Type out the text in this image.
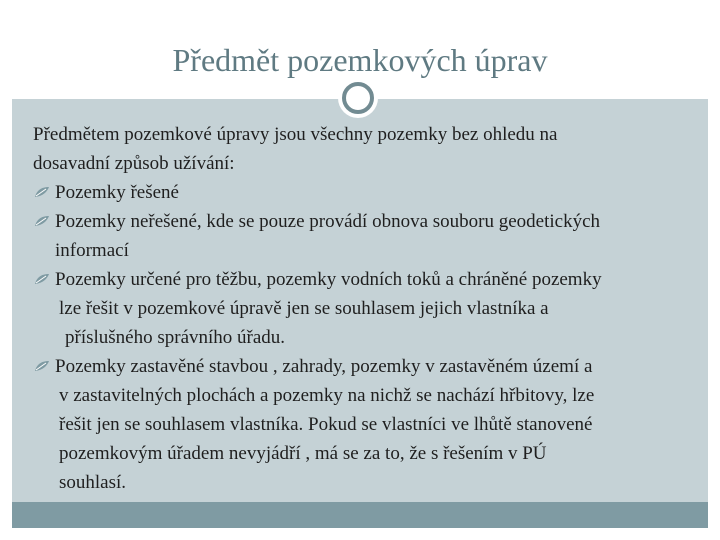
Předmět pozemkových úprav
Předmětem pozemkové úpravy jsou všechny pozemky bez ohledu na
dosavadní způsob užívání:
Pozemky řešené
Pozemky neřešené, kde se pouze provádí obnova souboru geodetických
informací
Pozemky určené pro těžbu, pozemky vodních toků a chráněné pozemky
lze řešit v pozemkové úpravě jen se souhlasem jejich vlastníka a
příslušného správního úřadu.
Pozemky zastavěné stavbou , zahrady, pozemky v zastavěném území a
v zastavitelných plochách a pozemky na nichž se nachází hřbitovy, lze
řešit jen se souhlasem vlastníka. Pokud se vlastníci ve lhůtě stanovené
pozemkovým úřadem nevyjádří , má se za to, že s řešením v PÚ
souhlasí.
